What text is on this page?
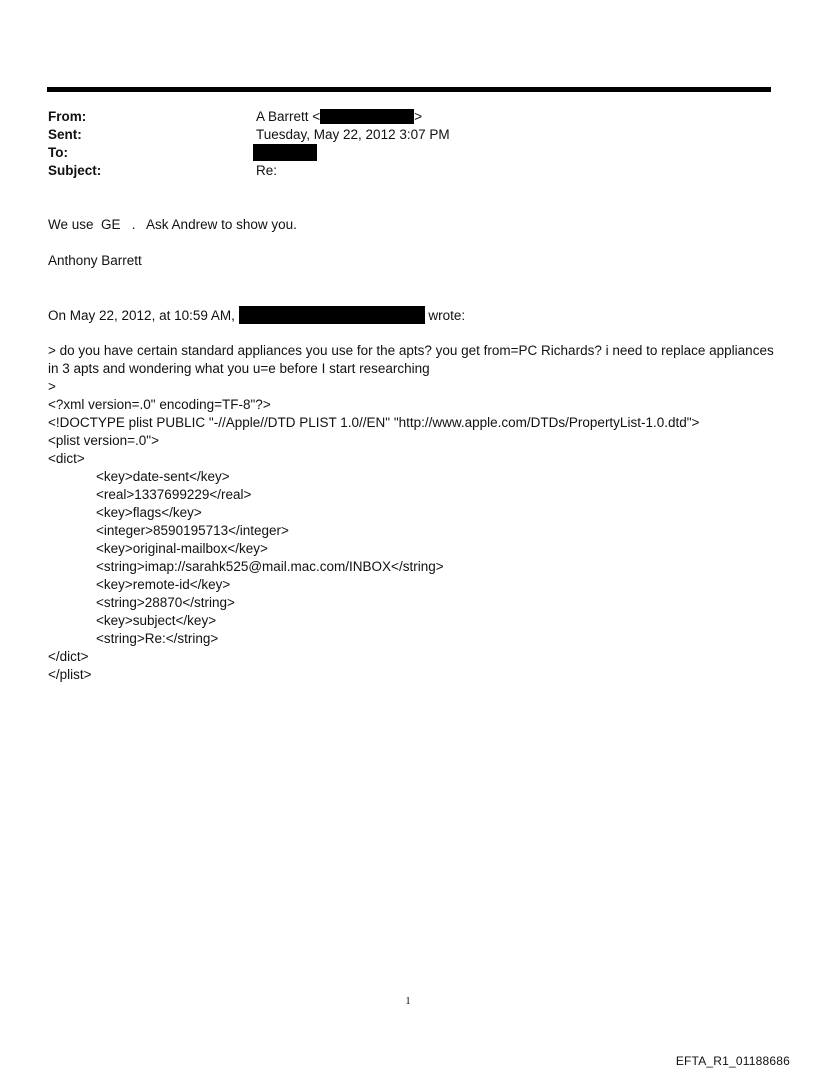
From:	A Barrett <	>
Sent:	Tuesday, May 22, 2012 3:07 PM
To:
Subject:	Re:
We use  GE   .   Ask Andrew to show you.
Anthony Barrett
On May 22, 2012, at 10:59 AM,	wrote:
> do you have certain standard appliances you use for the apts? you get from=PC Richards? i need to replace appliances
in 3 apts and wondering what you u=e before I start researching
>
<?xml version=.0" encoding=TF-8"?>
<!DOCTYPE plist PUBLIC "-//Apple//DTD PLIST 1.0//EN" "http://www.apple.com/DTDs/PropertyList-1.0.dtd">
<plist version=.0">
<dict>
<key>date-sent</key>
<real>1337699229</real>
<key>flags</key>
<integer>8590195713</integer>
<key>original-mailbox</key>
<string>imap://sarahk525@mail.mac.com/INBOX</string>
<key>remote-id</key>
<string>28870</string>
<key>subject</key>
<string>Re:</string>
</dict>
</plist>
1
EFTA_R1_01188686
